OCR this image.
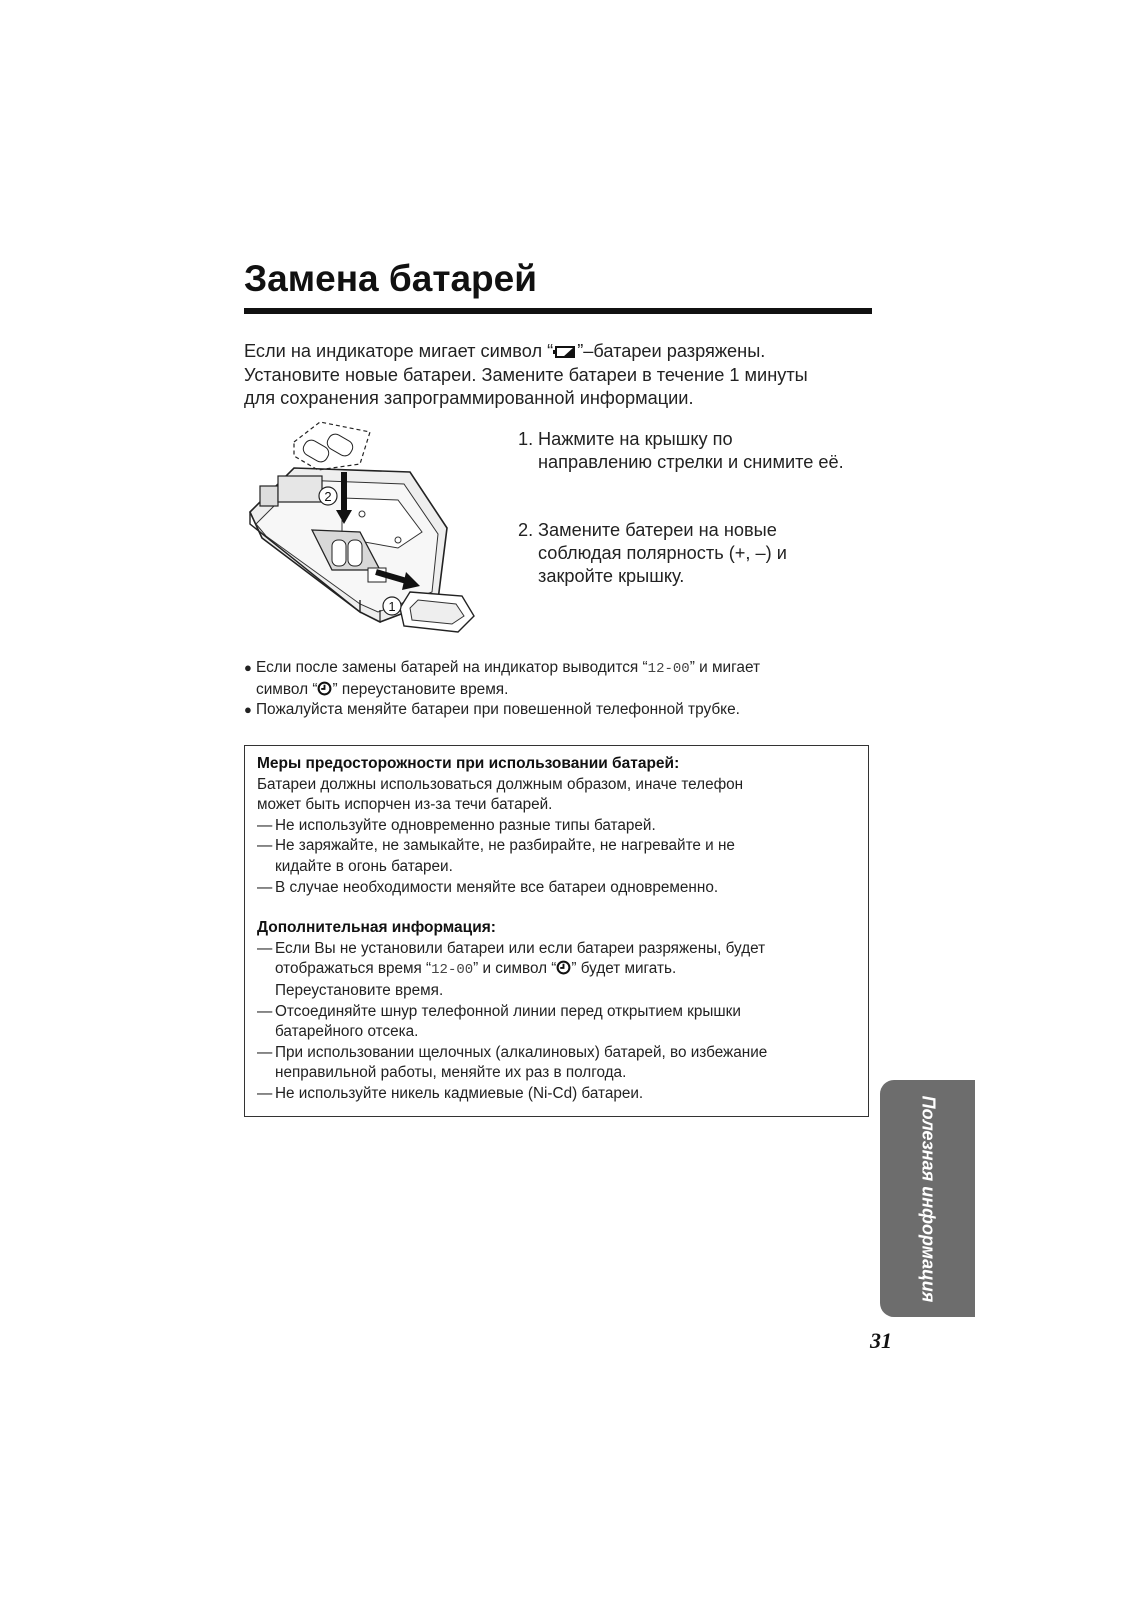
Замена батарей

Если на индикаторе мигает символ “ ”–батареи разряжены.

Установите новые батареи. Замените батареи в течение 1 минуты

для сохранения запрограммированной информации.

2
1
1. Нажмите на крышку по
направлению стрелки и снимите её.
2. Замените батереи на новые
соблюдая полярность (+, –) и
закройте крышку.
● Если после замены батарей на индикатор выводится “12-00” и мигает
символ “ ” переустановите время.
● Пожалуйста меняйте батареи при повешенной телефонной трубке.
Меры предосторожности при использовании батарей:

Батареи должны использоваться должным образом, иначе телефон

может быть испорчен из-за течи батарей.

— Не используйте одновременно разные типы батарей.
— Не заряжайте, не замыкайте, не разбирайте, не нагревайте и не
кидайте в огонь батареи.
— В случае необходимости меняйте все батареи одновременно.
Дополнительная информация:
— Если Вы не установили батареи или если батареи разряжены, будет
отображаться время “12-00” и символ “ ” будет мигать.
Переустановите время.
— Отсоединяйте шнур телефонной линии перед открытием крышки
батарейного отсека.
— При использовании щелочных (алкалиновых) батарей, во избежание
неправильной работы, меняйте их раз в полгода.
— Не используйте никель кадмиевые (Ni-Cd) батареи.
Полезная информация
31
